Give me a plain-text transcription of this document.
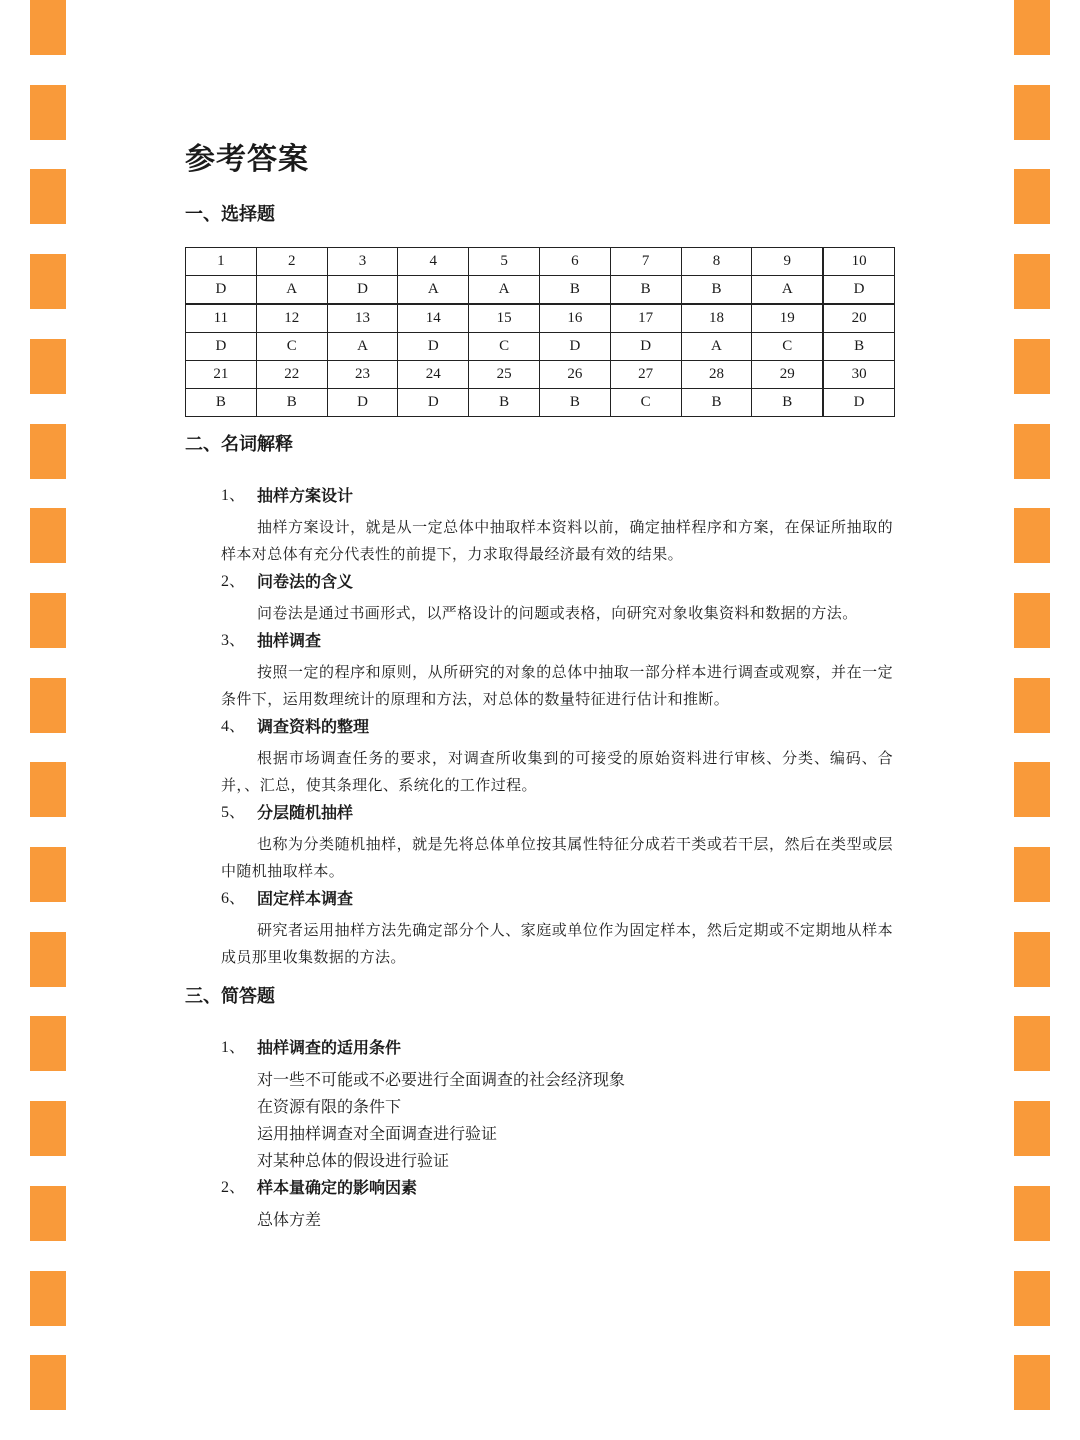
参考答案
一、选择题
1	2	3	4	5	6	7	8	9	10
D	A	D	A	A	B	B	B	A	D
11	12	13	14	15	16	17	18	19	20
D	C	A	D	C	D	D	A	C	B
21	22	23	24	25	26	27	28	29	30
B	B	D	D	B	B	C	B	B	D
二、名词解释
1、 抽样方案设计
抽样方案设计，就是从一定总体中抽取样本资料以前，确定抽样程序和方案，在保证所抽取的样本对总体有充分代表性的前提下，力求取得最经济最有效的结果。
2、 问卷法的含义
问卷法是通过书画形式，以严格设计的问题或表格，向研究对象收集资料和数据的方法。
3、 抽样调查
按照一定的程序和原则，从所研究的对象的总体中抽取一部分样本进行调查或观察，并在一定条件下，运用数理统计的原理和方法，对总体的数量特征进行估计和推断。
4、 调查资料的整理
根据市场调查任务的要求，对调查所收集到的可接受的原始资料进行审核、分类、编码、合并，、汇总，使其条理化、系统化的工作过程。
5、 分层随机抽样
也称为分类随机抽样，就是先将总体单位按其属性特征分成若干类或若干层，然后在类型或层中随机抽取样本。
6、 固定样本调查
研究者运用抽样方法先确定部分个人、家庭或单位作为固定样本，然后定期或不定期地从样本成员那里收集数据的方法。
三、简答题
1、 抽样调查的适用条件
对一些不可能或不必要进行全面调查的社会经济现象
在资源有限的条件下
运用抽样调查对全面调查进行验证
对某种总体的假设进行验证
2、 样本量确定的影响因素
总体方差
